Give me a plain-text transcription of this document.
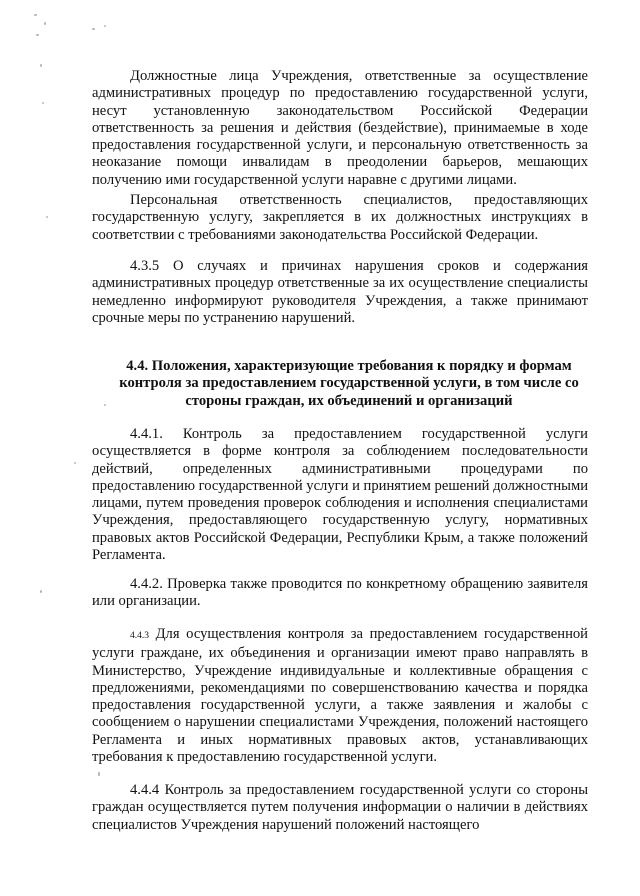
Должностные лица Учреждения, ответственные за осуществление административных процедур по предоставлению государственной услуги, несут установленную законодательством Российской Федерации ответственность за решения и действия (бездействие), принимаемые в ходе предоставления государственной услуги, и персональную ответственность за неоказание помощи инвалидам в преодолении барьеров, мешающих получению ими государственной услуги наравне с другими лицами.

Персональная ответственность специалистов, предоставляющих государственную услугу, закрепляется в их должностных инструкциях в соответствии с требованиями законодательства Российской Федерации.

4.3.5 О случаях и причинах нарушения сроков и содержания административных процедур ответственные за их осуществление специалисты немедленно информируют руководителя Учреждения, а также принимают срочные меры по устранению нарушений.

4.4. Положения, характеризующие требования к порядку и формам контроля за предоставлением государственной услуги, в том числе со стороны граждан, их объединений и организаций

4.4.1. Контроль за предоставлением государственной услуги осуществляется в форме контроля за соблюдением последовательности действий, определенных административными процедурами по предоставлению государственной услуги и принятием решений должностными лицами, путем проведения проверок соблюдения и исполнения специалистами Учреждения, предоставляющего государственную услугу, нормативных правовых актов Российской Федерации, Республики Крым, а также положений Регламента.

4.4.2. Проверка также проводится по конкретному обращению заявителя или организации.

4.4.3 Для осуществления контроля за предоставлением государственной услуги граждане, их объединения и организации имеют право направлять в Министерство, Учреждение индивидуальные и коллективные обращения с предложениями, рекомендациями по совершенствованию качества и порядка предоставления государственной услуги, а также заявления и жалобы с сообщением о нарушении специалистами Учреждения, положений настоящего Регламента и иных нормативных правовых актов, устанавливающих требования к предоставлению государственной услуги.

4.4.4 Контроль за предоставлением государственной услуги со стороны граждан осуществляется путем получения информации о наличии в действиях специалистов Учреждения нарушений положений настоящего
